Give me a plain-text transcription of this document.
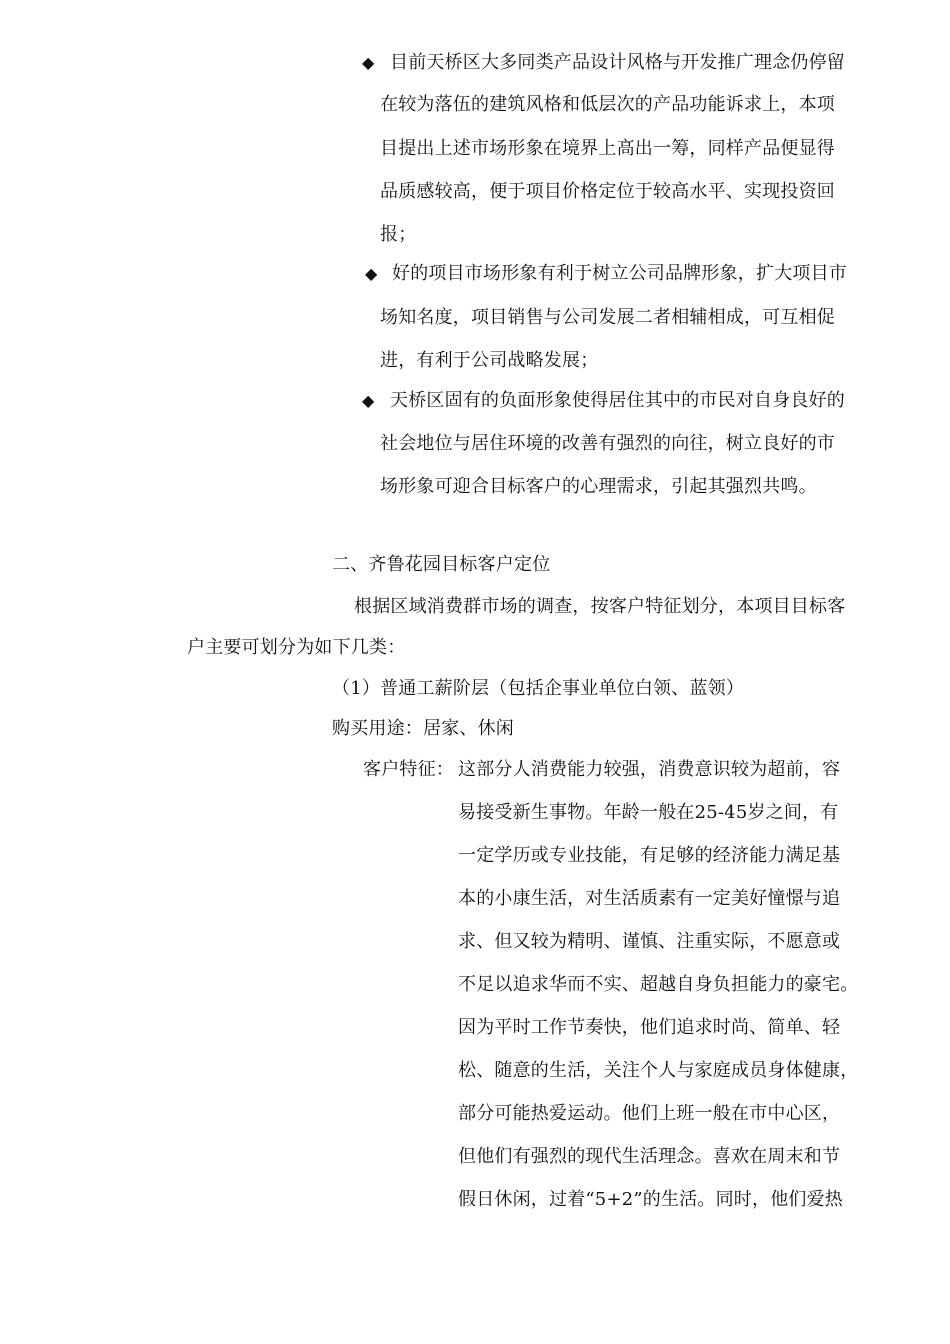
◆ 目前天桥区大多同类产品设计风格与开发推广理念仍停留
在较为落伍的建筑风格和低层次的产品功能诉求上，本项
目提出上述市场形象在境界上高出一筹，同样产品便显得
品质感较高，便于项目价格定位于较高水平、实现投资回
报；
◆ 好的项目市场形象有利于树立公司品牌形象，扩大项目市
场知名度，项目销售与公司发展二者相辅相成，可互相促
进，有利于公司战略发展；
◆ 天桥区固有的负面形象使得居住其中的市民对自身良好的
社会地位与居住环境的改善有强烈的向往，树立良好的市
场形象可迎合目标客户的心理需求，引起其强烈共鸣。
二、齐鲁花园目标客户定位
根据区域消费群市场的调查，按客户特征划分，本项目目标客
户主要可划分为如下几类：
（1）普通工薪阶层（包括企事业单位白领、蓝领）
购买用途：居家、休闲
客户特征： 这部分人消费能力较强，消费意识较为超前，容
易接受新生事物。年龄一般在25-45岁之间，有
一定学历或专业技能，有足够的经济能力满足基
本的小康生活，对生活质素有一定美好憧憬与追
求、但又较为精明、谨慎、注重实际，不愿意或
不足以追求华而不实、超越自身负担能力的豪宅。
因为平时工作节奏快，他们追求时尚、简单、轻
松、随意的生活，关注个人与家庭成员身体健康，
部分可能热爱运动。他们上班一般在市中心区，
但他们有强烈的现代生活理念。喜欢在周末和节
假日休闲，过着“5+2”的生活。同时，他们爱热
